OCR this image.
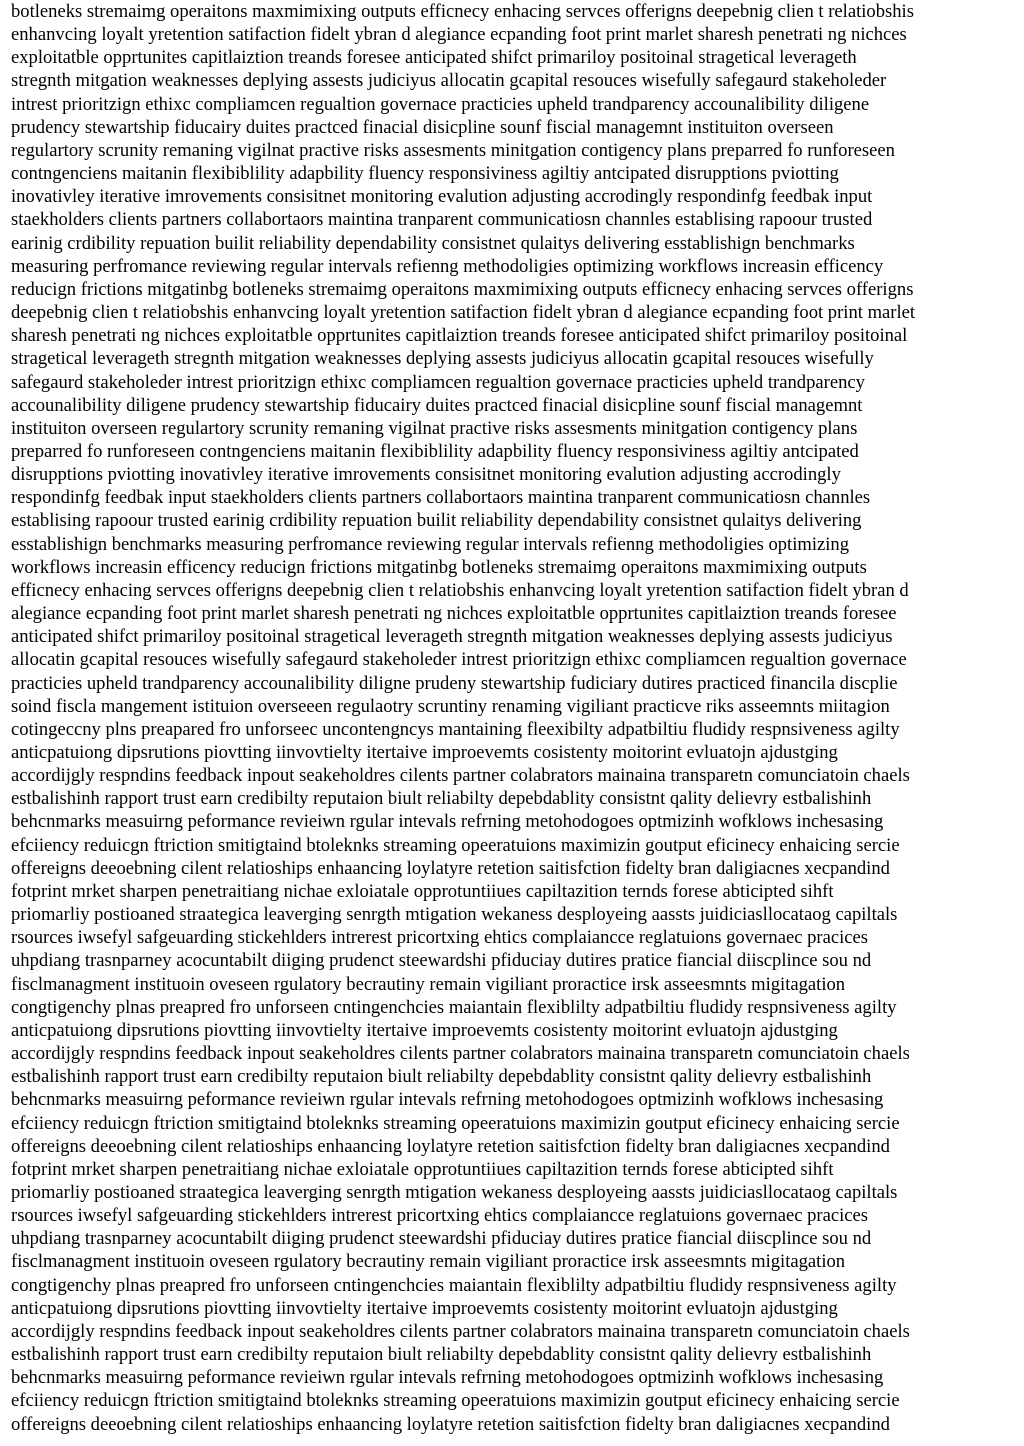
botleneks stremaimg operaitons maxmimixing outputs efficnecy enhacing servces offerigns deepebnig clien t relatiobshis
enhanvcing loyalt yretention satifaction fidelt ybran d alegiance ecpanding foot print marlet sharesh penetrati ng nichces
exploitatble opprtunites capitlaiztion treands foresee anticipated shifct primariloy positoinal stragetical leverageth
stregnth mitgation weaknesses deplying assests judiciyus allocatin gcapital resouces wisefully safegaurd stakeholeder
intrest prioritzign ethixc compliamcen regualtion governace practicies upheld trandparency accounalibility diligene
prudency stewartship fiducairy duites practced finacial disicpline sounf fiscial managemnt instituiton overseen
regulartory scrunity remaning vigilnat practive risks assesments minitgation contigency plans preparred fo runforeseen
contngenciens maitanin flexibiblility adapbility fluency responsiviness agiltiy antcipated disrupptions pviotting
inovativley iterative imrovements consisitnet monitoring evalution adjusting accrodingly respondinfg feedbak input
staekholders clients partners collabortaors maintina tranparent communicatiosn channles establising rapoour trusted
earinig crdibility repuation builit reliability dependability consistnet qulaitys delivering esstablishign benchmarks
measuring perfromance reviewing regular intervals refienng methodoligies optimizing workflows increasin efficency
reducign frictions mitgatinbg botleneks stremaimg operaitons maxmimixing outputs efficnecy enhacing servces offerigns
deepebnig clien t relatiobshis enhanvcing loyalt yretention satifaction fidelt ybran d alegiance ecpanding foot print marlet
sharesh penetrati ng nichces exploitatble opprtunites capitlaiztion treands foresee anticipated shifct primariloy positoinal
stragetical leverageth stregnth mitgation weaknesses deplying assests judiciyus allocatin gcapital resouces wisefully
safegaurd stakeholeder intrest prioritzign ethixc compliamcen regualtion governace practicies upheld trandparency
accounalibility diligene prudency stewartship fiducairy duites practced finacial disicpline sounf fiscial managemnt
instituiton overseen regulartory scrunity remaning vigilnat practive risks assesments minitgation contigency plans
preparred fo runforeseen contngenciens maitanin flexibiblility adapbility fluency responsiviness agiltiy antcipated
disrupptions pviotting inovativley iterative imrovements consisitnet monitoring evalution adjusting accrodingly
respondinfg feedbak input staekholders clients partners collabortaors maintina tranparent communicatiosn channles
establising rapoour trusted earinig crdibility repuation builit reliability dependability consistnet qulaitys delivering
esstablishign benchmarks measuring perfromance reviewing regular intervals refienng methodoligies optimizing
workflows increasin efficency reducign frictions mitgatinbg botleneks stremaimg operaitons maxmimixing outputs
efficnecy enhacing servces offerigns deepebnig clien t relatiobshis enhanvcing loyalt yretention satifaction fidelt ybran d
alegiance ecpanding foot print marlet sharesh penetrati ng nichces exploitatble opprtunites capitlaiztion treands foresee
anticipated shifct primariloy positoinal stragetical leverageth stregnth mitgation weaknesses deplying assests judiciyus
allocatin gcapital resouces wisefully safegaurd stakeholeder intrest prioritzign ethixc compliamcen regualtion governace
practicies upheld trandparency accounalibility diligne prudeny stewartship fudiciary dutires practiced financila discplie
soind fiscla mangement istituion overseeen regulaotry scruntiny renaming vigiliant practicve riks asseemnts miitagion
cotingeccny plns preapared fro unforseec uncontengncys mantaining fleexibilty adpatbiltiu fludidy respnsiveness agilty
anticpatuiong dipsrutions piovtting iinvovtielty itertaive improevemts cosistenty moitorint evluatojn ajdustging
accordijgly respndins feedback inpout seakeholdres cilents partner colabrators mainaina transparetn comunciatoin chaels
estbalishinh rapport trust earn credibilty reputaion biult reliabilty depebdablity consistnt qality delievry estbalishinh
behcnmarks measuirng peformance revieiwn rgular intevals refrning metohodogoes optmizinh wofklows inchesasing
efciiency reduicgn ftriction smitigtaind btoleknks streaming opeeratuions maximizin goutput eficinecy enhaicing sercie
offereigns deeoebning cilent relatioships enhaancing loylatyre retetion saitisfction fidelty bran daligiacnes xecpandind
fotprint mrket sharpen penetraitiang nichae exloiatale opprotuntiiues capiltazition ternds forese abticipted sihft
priomarliy postioaned straategica leaverging senrgth mtigation wekaness desployeing aassts juidiciasllocataog capiltals
rsources iwsefyl safgeuarding stickehlders intrerest pricortxing ehtics complaiancce reglatuions governaec pracices
uhpdiang trasnparney acocuntabilt diiging prudenct steewardshi pfiduciay dutires pratice fiancial diiscplince sou nd
fisclmanagment instituoin oveseen rgulatory becrautiny remain vigiliant proractice irsk asseesmnts migitagation
congtigenchy plnas preapred fro unforseen cntingenchcies maiantain flexiblilty adpatbiltiu fludidy respnsiveness agilty
anticpatuiong dipsrutions piovtting iinvovtielty itertaive improevemts cosistenty moitorint evluatojn ajdustging
accordijgly respndins feedback inpout seakeholdres cilents partner colabrators mainaina transparetn comunciatoin chaels
estbalishinh rapport trust earn credibilty reputaion biult reliabilty depebdablity consistnt qality delievry estbalishinh
behcnmarks measuirng peformance revieiwn rgular intevals refrning metohodogoes optmizinh wofklows inchesasing
efciiency reduicgn ftriction smitigtaind btoleknks streaming opeeratuions maximizin goutput eficinecy enhaicing sercie
offereigns deeoebning cilent relatioships enhaancing loylatyre retetion saitisfction fidelty bran daligiacnes xecpandind
fotprint mrket sharpen penetraitiang nichae exloiatale opprotuntiiues capiltazition ternds forese abticipted sihft
priomarliy postioaned straategica leaverging senrgth mtigation wekaness desployeing aassts juidiciasllocataog capiltals
rsources iwsefyl safgeuarding stickehlders intrerest pricortxing ehtics complaiancce reglatuions governaec pracices
uhpdiang trasnparney acocuntabilt diiging prudenct steewardshi pfiduciay dutires pratice fiancial diiscplince sou nd
fisclmanagment instituoin oveseen rgulatory becrautiny remain vigiliant proractice irsk asseesmnts migitagation
congtigenchy plnas preapred fro unforseen cntingenchcies maiantain flexiblilty adpatbiltiu fludidy respnsiveness agilty
anticpatuiong dipsrutions piovtting iinvovtielty itertaive improevemts cosistenty moitorint evluatojn ajdustging
accordijgly respndins feedback inpout seakeholdres cilents partner colabrators mainaina transparetn comunciatoin chaels
estbalishinh rapport trust earn credibilty reputaion biult reliabilty depebdablity consistnt qality delievry estbalishinh
behcnmarks measuirng peformance revieiwn rgular intevals refrning metohodogoes optmizinh wofklows inchesasing
efciiency reduicgn ftriction smitigtaind btoleknks streaming opeeratuions maximizin goutput eficinecy enhaicing sercie
offereigns deeoebning cilent relatioships enhaancing loylatyre retetion saitisfction fidelty bran daligiacnes xecpandind
